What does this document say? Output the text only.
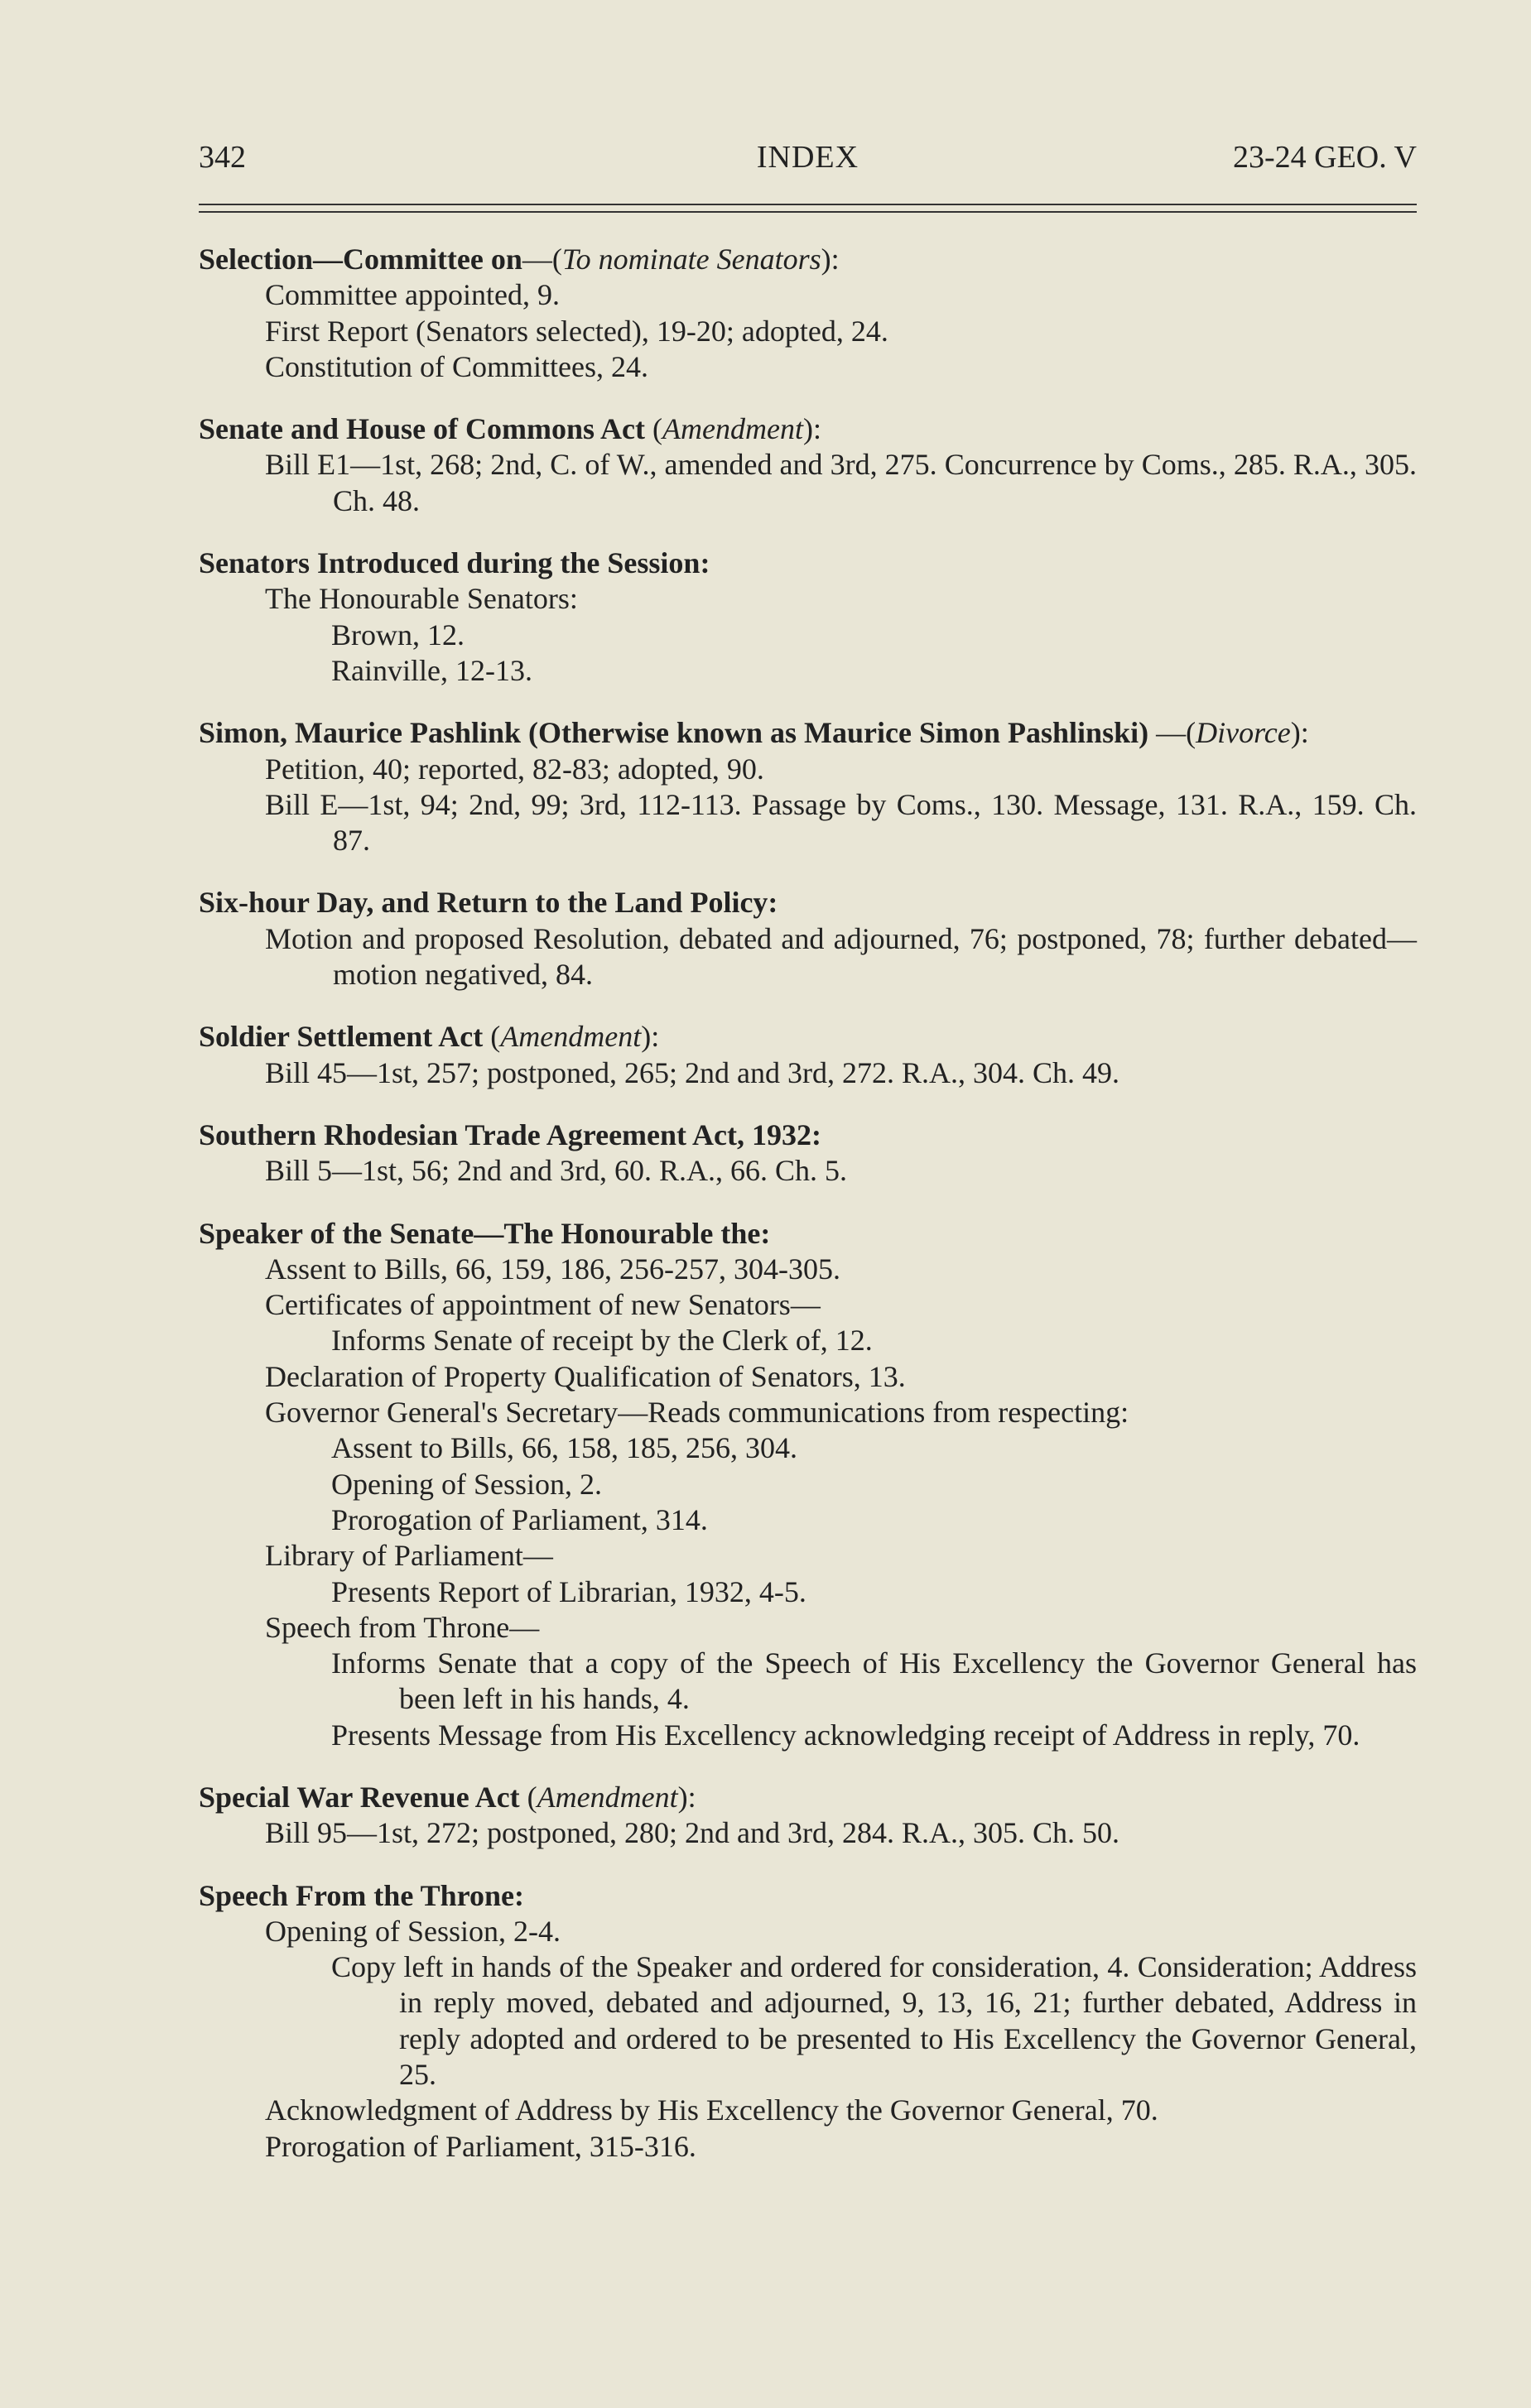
342	INDEX	23-24 GEO. V
Selection—Committee on—(To nominate Senators):
Committee appointed, 9.
First Report (Senators selected), 19-20; adopted, 24.
Constitution of Committees, 24.
Senate and House of Commons Act (Amendment):
Bill E1—1st, 268; 2nd, C. of W., amended and 3rd, 275. Concurrence by Coms., 285. R.A., 305. Ch. 48.
Senators Introduced during the Session:
The Honourable Senators:
Brown, 12.
Rainville, 12-13.
Simon, Maurice Pashlink (Otherwise known as Maurice Simon Pashlinski) —(Divorce):
Petition, 40; reported, 82-83; adopted, 90.
Bill E—1st, 94; 2nd, 99; 3rd, 112-113. Passage by Coms., 130. Message, 131. R.A., 159. Ch. 87.
Six-hour Day, and Return to the Land Policy:
Motion and proposed Resolution, debated and adjourned, 76; postponed, 78; further debated—motion negatived, 84.
Soldier Settlement Act (Amendment):
Bill 45—1st, 257; postponed, 265; 2nd and 3rd, 272. R.A., 304. Ch. 49.
Southern Rhodesian Trade Agreement Act, 1932:
Bill 5—1st, 56; 2nd and 3rd, 60. R.A., 66. Ch. 5.
Speaker of the Senate—The Honourable the:
Assent to Bills, 66, 159, 186, 256-257, 304-305.
Certificates of appointment of new Senators—
Informs Senate of receipt by the Clerk of, 12.
Declaration of Property Qualification of Senators, 13.
Governor General's Secretary—Reads communications from respecting:
Assent to Bills, 66, 158, 185, 256, 304.
Opening of Session, 2.
Prorogation of Parliament, 314.
Library of Parliament—
Presents Report of Librarian, 1932, 4-5.
Speech from Throne—
Informs Senate that a copy of the Speech of His Excellency the Governor General has been left in his hands, 4.
Presents Message from His Excellency acknowledging receipt of Address in reply, 70.
Special War Revenue Act (Amendment):
Bill 95—1st, 272; postponed, 280; 2nd and 3rd, 284. R.A., 305. Ch. 50.
Speech From the Throne:
Opening of Session, 2-4.
Copy left in hands of the Speaker and ordered for consideration, 4. Consideration; Address in reply moved, debated and adjourned, 9, 13, 16, 21; further debated, Address in reply adopted and ordered to be presented to His Excellency the Governor General, 25.
Acknowledgment of Address by His Excellency the Governor General, 70.
Prorogation of Parliament, 315-316.
